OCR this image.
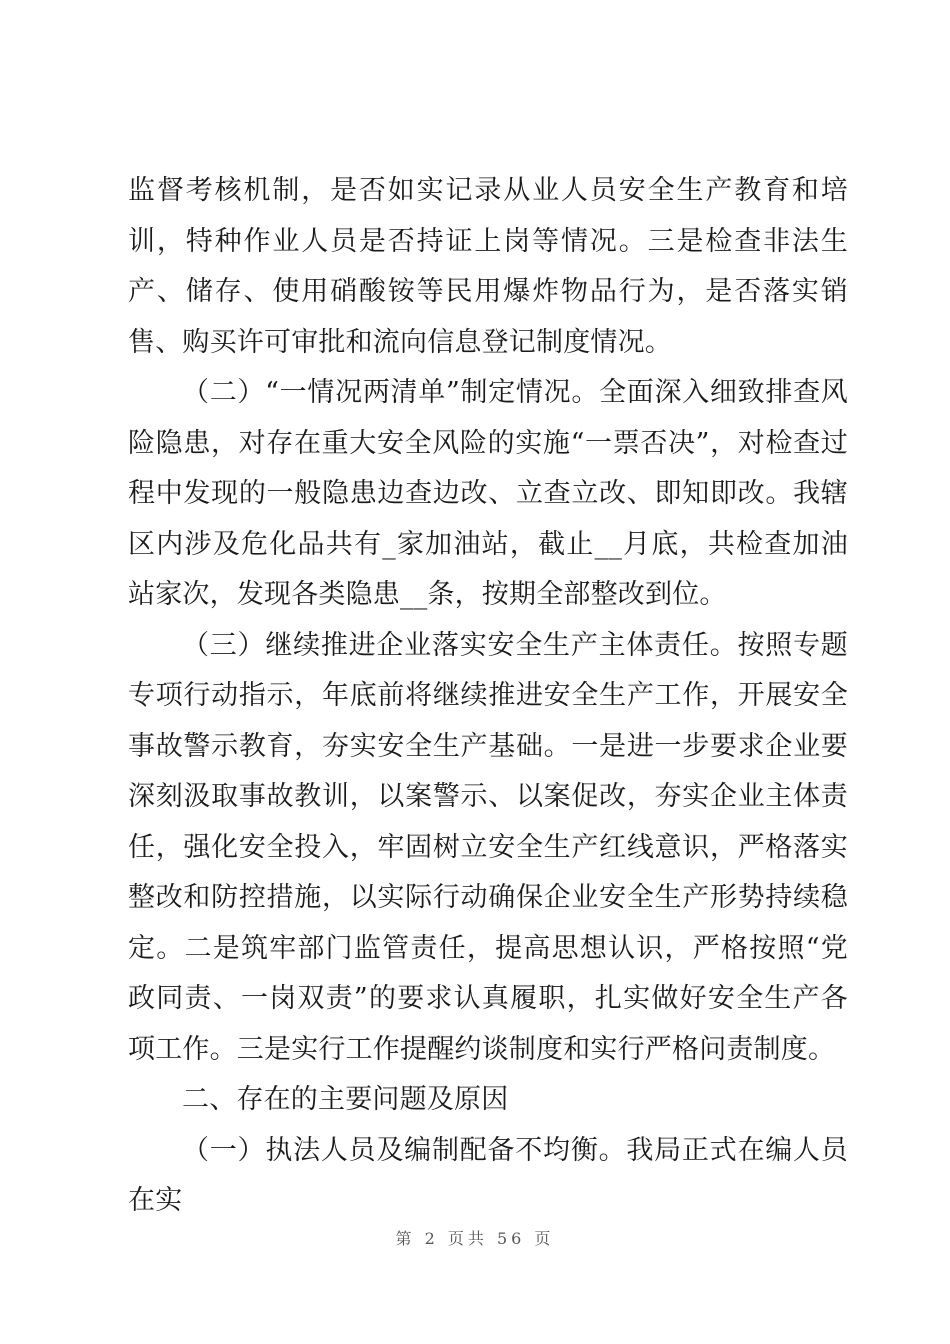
监督考核机制，是否如实记录从业人员安全生产教育和培训，特种作业人员是否持证上岗等情况。三是检查非法生产、储存、使用硝酸铵等民用爆炸物品行为，是否落实销售、购买许可审批和流向信息登记制度情况。

（二）“一情况两清单”制定情况。全面深入细致排查风险隐患，对存在重大安全风险的实施“一票否决”，对检查过程中发现的一般隐患边查边改、立查立改、即知即改。我辖区内涉及危化品共有_家加油站，截止__月底，共检查加油站家次，发现各类隐患__条，按期全部整改到位。

（三）继续推进企业落实安全生产主体责任。按照专题专项行动指示，年底前将继续推进安全生产工作，开展安全事故警示教育，夯实安全生产基础。一是进一步要求企业要深刻汲取事故教训，以案警示、以案促改，夯实企业主体责任，强化安全投入，牢固树立安全生产红线意识，严格落实整改和防控措施，以实际行动确保企业安全生产形势持续稳定。二是筑牢部门监管责任，提高思想认识，严格按照“党政同责、一岗双责”的要求认真履职，扎实做好安全生产各项工作。三是实行工作提醒约谈制度和实行严格问责制度。

二、存在的主要问题及原因

（一）执法人员及编制配备不均衡。我局正式在编人员在实

第 2 页共 56 页
